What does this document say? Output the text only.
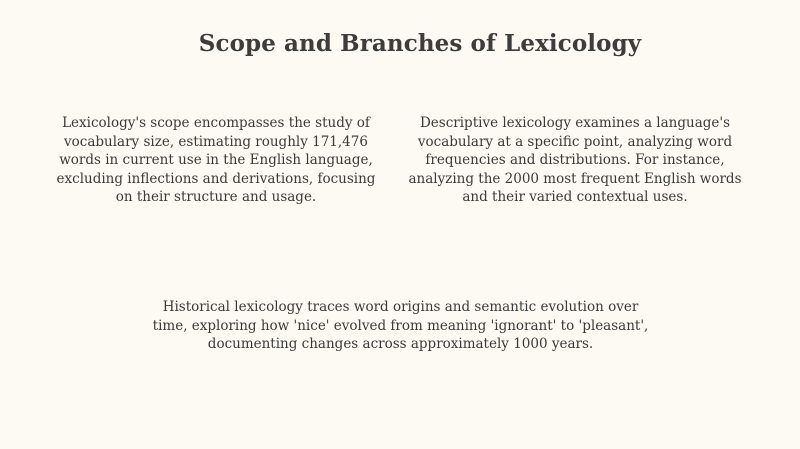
Scope and Branches of Lexicology

Lexicology's scope encompasses the study of vocabulary size, estimating roughly 171,476 words in current use in the English language, excluding inflections and derivations, focusing on their structure and usage.

Descriptive lexicology examines a language's vocabulary at a specific point, analyzing word frequencies and distributions. For instance, analyzing the 2000 most frequent English words and their varied contextual uses.

Historical lexicology traces word origins and semantic evolution over time, exploring how 'nice' evolved from meaning 'ignorant' to 'pleasant', documenting changes across approximately 1000 years.
